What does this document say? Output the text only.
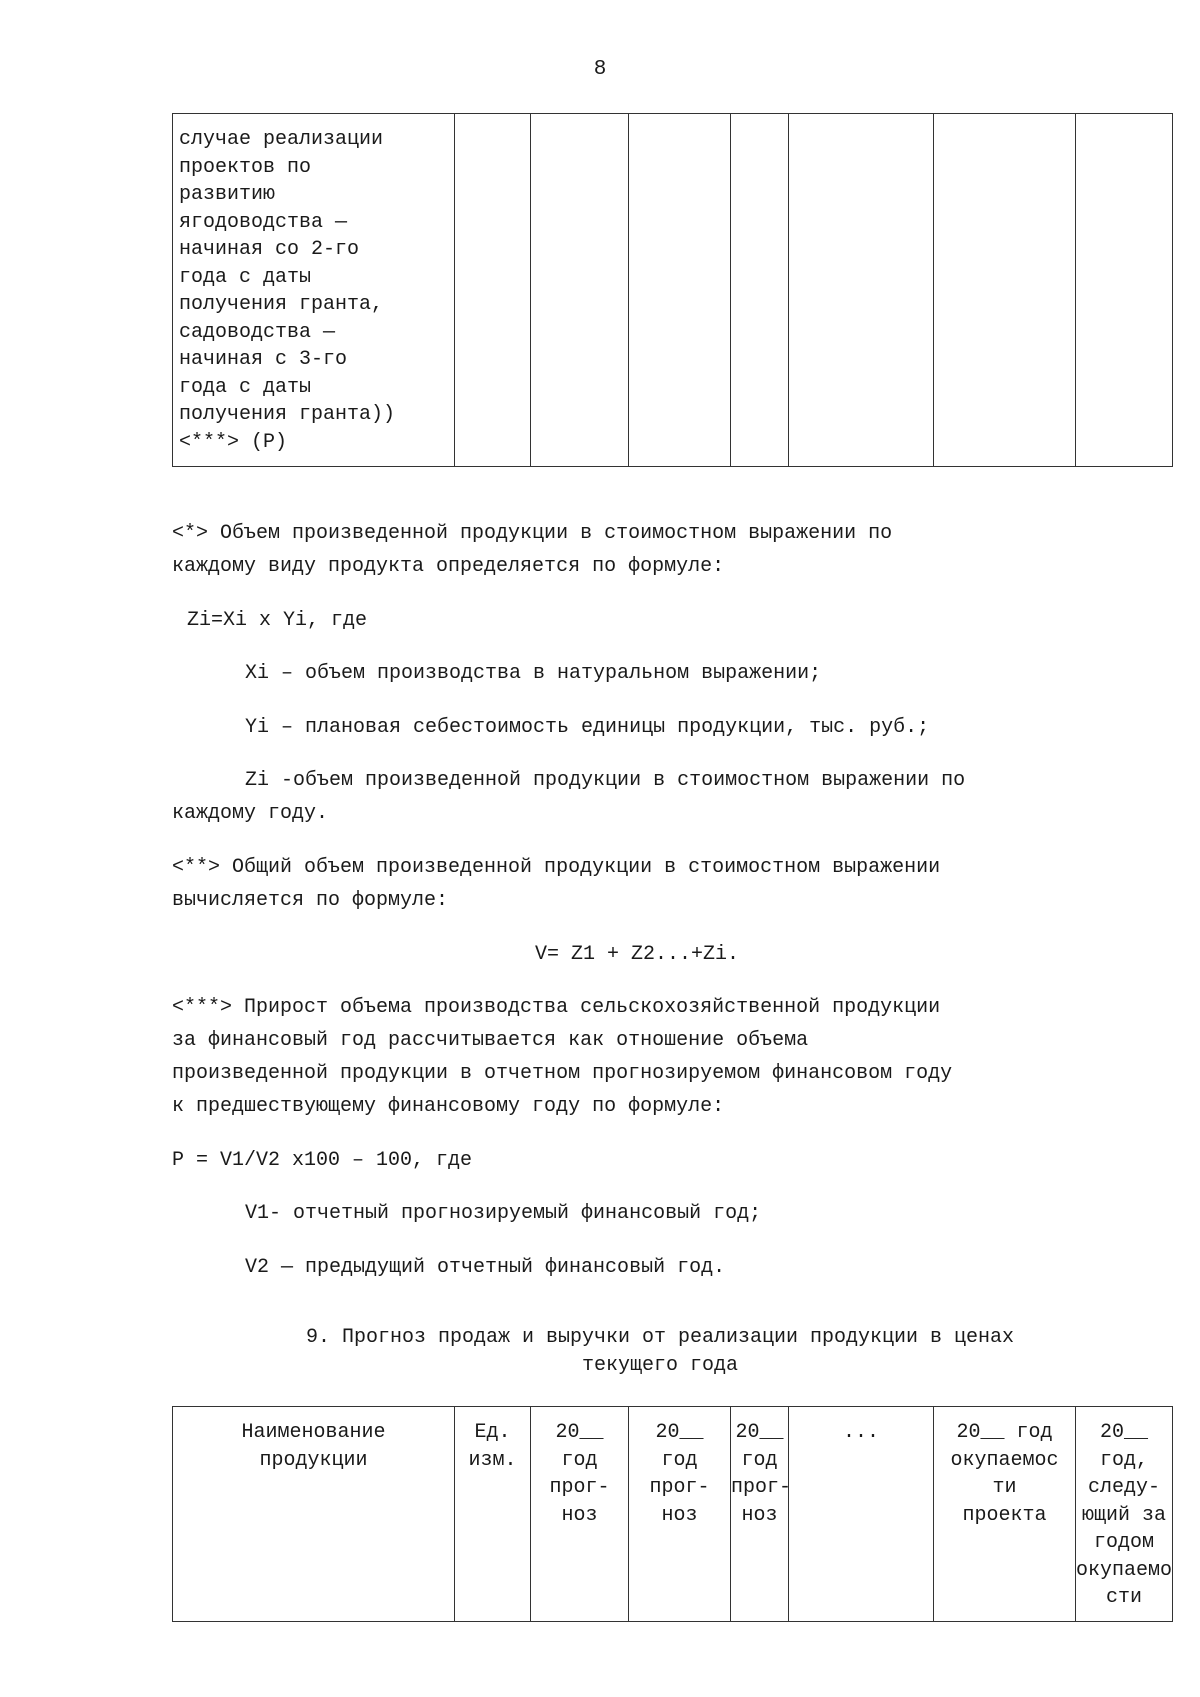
8
случае реализации
проектов по
развитию
ягодоводства —
начиная со 2-го
года с даты
получения гранта,
садоводства —
начиная с 3-го
года с даты
получения гранта))
<***> (Р)

<*> Объем произведенной продукции в стоимостном выражении по
каждому виду продукта определяется по формуле:
Zi=Xi x Yi, где
Xi – объем производства в натуральном выражении;
Yi – плановая себестоимость единицы продукции, тыс. руб.;
Zi -объем произведенной продукции в стоимостном выражении по
каждому году.
<**> Общий объем произведенной продукции в стоимостном выражении
вычисляется по формуле:
V= Z1 + Z2...+Zi.
<***> Прирост объема производства сельскохозяйственной продукции
за финансовый год рассчитывается как отношение объема
произведенной продукции в отчетном прогнозируемом финансовом году
к предшествующему финансовому году по формуле:
P = V1/V2 x100 – 100, где
V1- отчетный прогнозируемый финансовый год;
V2 — предыдущий отчетный финансовый год.
9. Прогноз продаж и выручки от реализации продукции в ценах
текущего года
Наименование
продукции

Ед.
изм.

20__
год
прог-
ноз

20__
год
прог-
ноз

20__
год
прог-
ноз

...	20__ год
окупаемос
ти
проекта

20__
год,
следу-
ющий за
годом
окупаемо
сти
